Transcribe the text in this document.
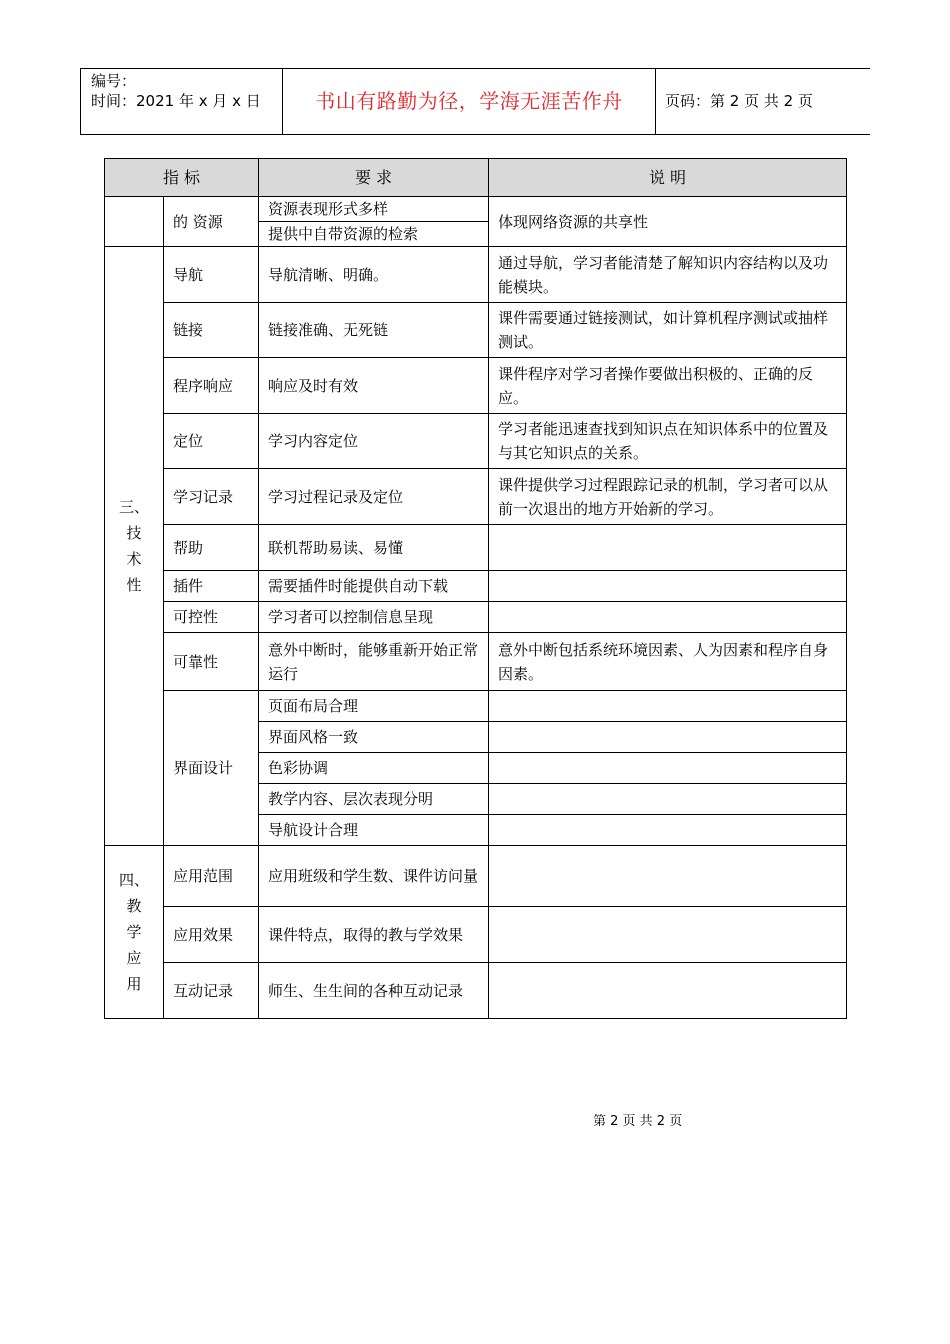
编号：
时间：2021 年 x 月 x 日	书山有路勤为径，学海无涯苦作舟	页码：第 2 页 共 2 页
指 标		要 求	说 明
	的 资源	资源表现形式多样	体现网络资源的共享性
		提供中自带资源的检索	

三、
技
术
性	导航	导航清晰、明确。	通过导航，学习者能清楚了解知识内容结构以及功能模块。
	链接	链接准确、无死链	课件需要通过链接测试，如计算机程序测试或抽样测试。
	程序响应	响应及时有效	课件程序对学习者操作要做出积极的、正确的反应。
	定位	学习内容定位	学习者能迅速查找到知识点在知识体系中的位置及与其它知识点的关系。
	学习记录	学习过程记录及定位	课件提供学习过程跟踪记录的机制，学习者可以从前一次退出的地方开始新的学习。
	帮助	联机帮助易读、易懂	
	插件	需要插件时能提供自动下载	
	可控性	学习者可以控制信息呈现	
	可靠性	意外中断时，能够重新开始正常运行	意外中断包括系统环境因素、人为因素和程序自身因素。
	界面设计	页面布局合理	
		界面风格一致	
		色彩协调	
		教学内容、层次表现分明	
		导航设计合理	

四、
教
学
应
用	应用范围	应用班级和学生数、课件访问量	
	应用效果	课件特点，取得的教与学效果	
	互动记录	师生、生生间的各种互动记录	
第 2 页 共 2 页
